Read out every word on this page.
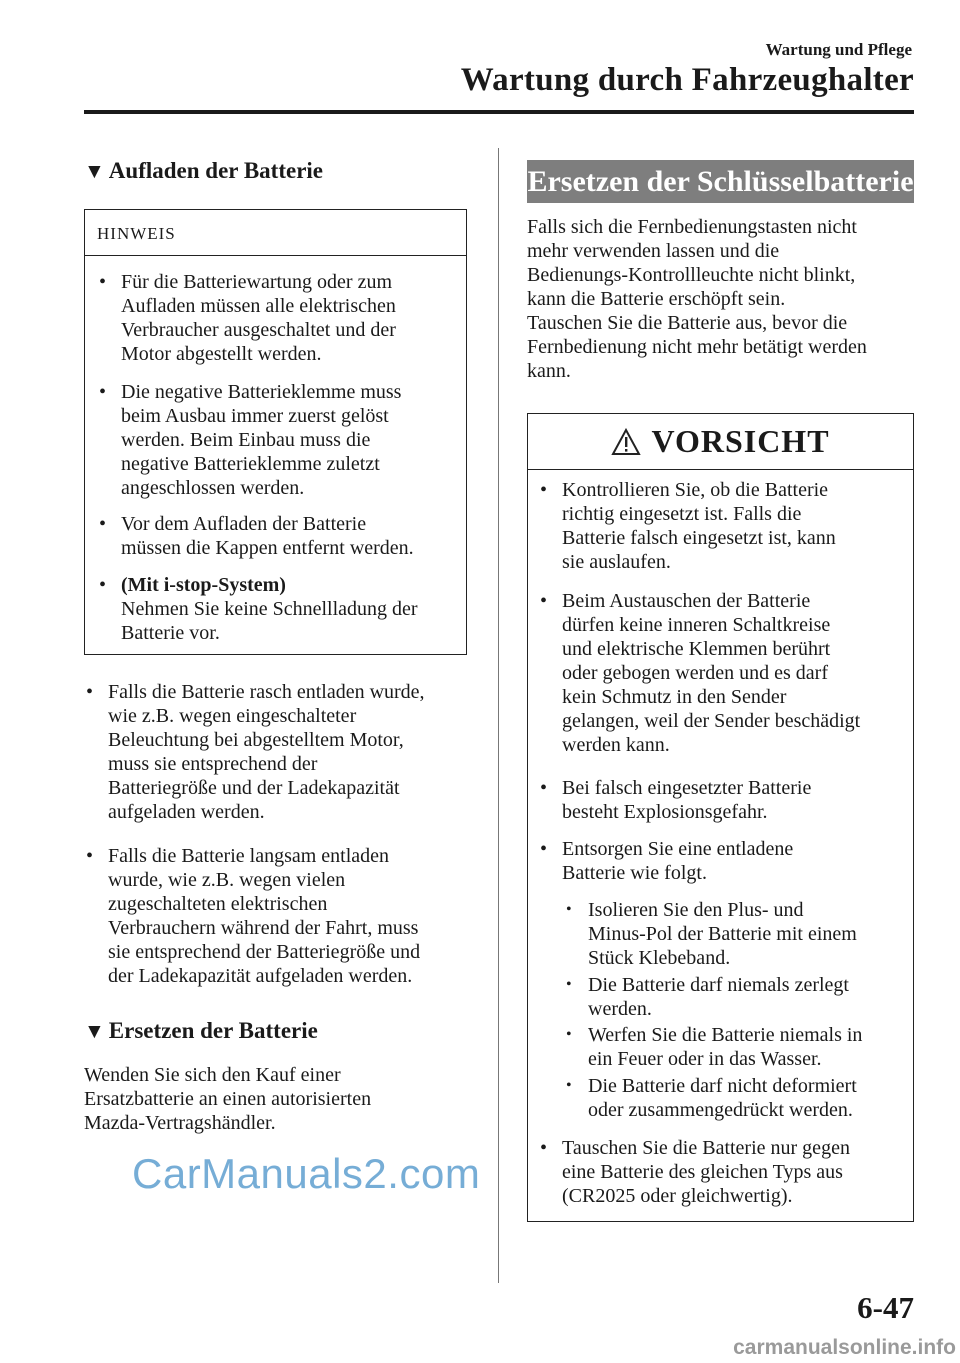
Wartung und Pflege
Wartung durch Fahrzeughalter
▼ Aufladen der Batterie
HINWEIS
• Für die Batteriewartung oder zum
Aufladen müssen alle elektrischen
Verbraucher ausgeschaltet und der
Motor abgestellt werden.
• Die negative Batterieklemme muss
beim Ausbau immer zuerst gelöst
werden. Beim Einbau muss die
negative Batterieklemme zuletzt
angeschlossen werden.
• Vor dem Aufladen der Batterie
müssen die Kappen entfernt werden.
• (Mit i-stop-System)
Nehmen Sie keine Schnellladung der
Batterie vor.
• Falls die Batterie rasch entladen wurde,
wie z.B. wegen eingeschalteter
Beleuchtung bei abgestelltem Motor,
muss sie entsprechend der
Batteriegröße und der Ladekapazität
aufgeladen werden.
• Falls die Batterie langsam entladen
wurde, wie z.B. wegen vielen
zugeschalteten elektrischen
Verbrauchern während der Fahrt, muss
sie entsprechend der Batteriegröße und
der Ladekapazität aufgeladen werden.
▼ Ersetzen der Batterie
Wenden Sie sich den Kauf einer
Ersatzbatterie an einen autorisierten
Mazda-Vertragshändler.
Ersetzen der Schlüsselbatterie
Falls sich die Fernbedienungstasten nicht
mehr verwenden lassen und die
Bedienungs-Kontrollleuchte nicht blinkt,
kann die Batterie erschöpft sein.
Tauschen Sie die Batterie aus, bevor die
Fernbedienung nicht mehr betätigt werden
kann.
VORSICHT
• Kontrollieren Sie, ob die Batterie
richtig eingesetzt ist. Falls die
Batterie falsch eingesetzt ist, kann
sie auslaufen.
• Beim Austauschen der Batterie
dürfen keine inneren Schaltkreise
und elektrische Klemmen berührt
oder gebogen werden und es darf
kein Schmutz in den Sender
gelangen, weil der Sender beschädigt
werden kann.
• Bei falsch eingesetzter Batterie
besteht Explosionsgefahr.
• Entsorgen Sie eine entladene
Batterie wie folgt.
• Isolieren Sie den Plus- und
Minus-Pol der Batterie mit einem
Stück Klebeband.
• Die Batterie darf niemals zerlegt
werden.
• Werfen Sie die Batterie niemals in
ein Feuer oder in das Wasser.
• Die Batterie darf nicht deformiert
oder zusammengedrückt werden.
• Tauschen Sie die Batterie nur gegen
eine Batterie des gleichen Typs aus
(CR2025 oder gleichwertig).
CarManuals2.com
6-47
carmanualsonline.info
